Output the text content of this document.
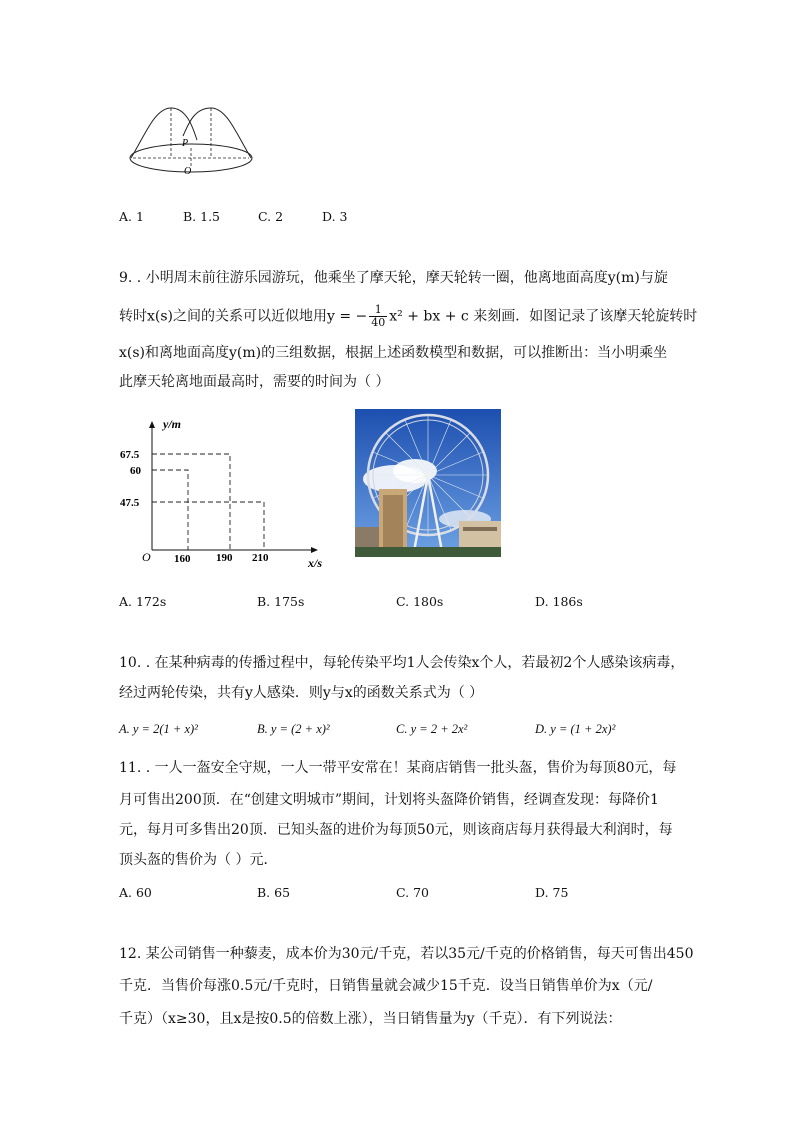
P
O
A. 1	B. 1.5	C. 2	D. 3
9. . 小明周末前往游乐园游玩，他乘坐了摩天轮，摩天轮转一圈，他离地面高度y(m)与旋
转时x(s)之间的关系可以近似地用y = − $\frac{1}{40} x^2$ + bx + c 来刻画．如图记录了该摩天轮旋转时
x(s)和离地面高度y(m)的三组数据，根据上述函数模型和数据，可以推断出：当小明乘坐
此摩天轮离地面最高时，需要的时间为（ ）
y/m
x/s
O
67.5
60
47.5
160 190 210
A. 172s	B. 175s	C. 180s	D. 186s
10. . 在某种病毒的传播过程中，每轮传染平均1人会传染x个人，若最初2个人感染该病毒，
经过两轮传染，共有y人感染．则y与x的函数关系式为（ ）
A. y = 2(1 + x)²	B. y = (2 + x)²	C. y = 2 + 2x²	D. y = (1 + 2x)²
11. . 一人一盔安全守规，一人一带平安常在！某商店销售一批头盔，售价为每顶80元，每
月可售出200顶．在“创建文明城市”期间，计划将头盔降价销售，经调查发现：每降价1
元，每月可多售出20顶．已知头盔的进价为每顶50元，则该商店每月获得最大利润时，每
顶头盔的售价为（ ）元．
A. 60	B. 65	C. 70	D. 75
12. 某公司销售一种藜麦，成本价为30元/千克，若以35元/千克的价格销售，每天可售出450
千克．当售价每涨0.5元/千克时，日销售量就会减少15千克．设当日销售单价为x（元/
千克）（x≥30，且x是按0.5的倍数上涨），当日销售量为y（千克）．有下列说法：
